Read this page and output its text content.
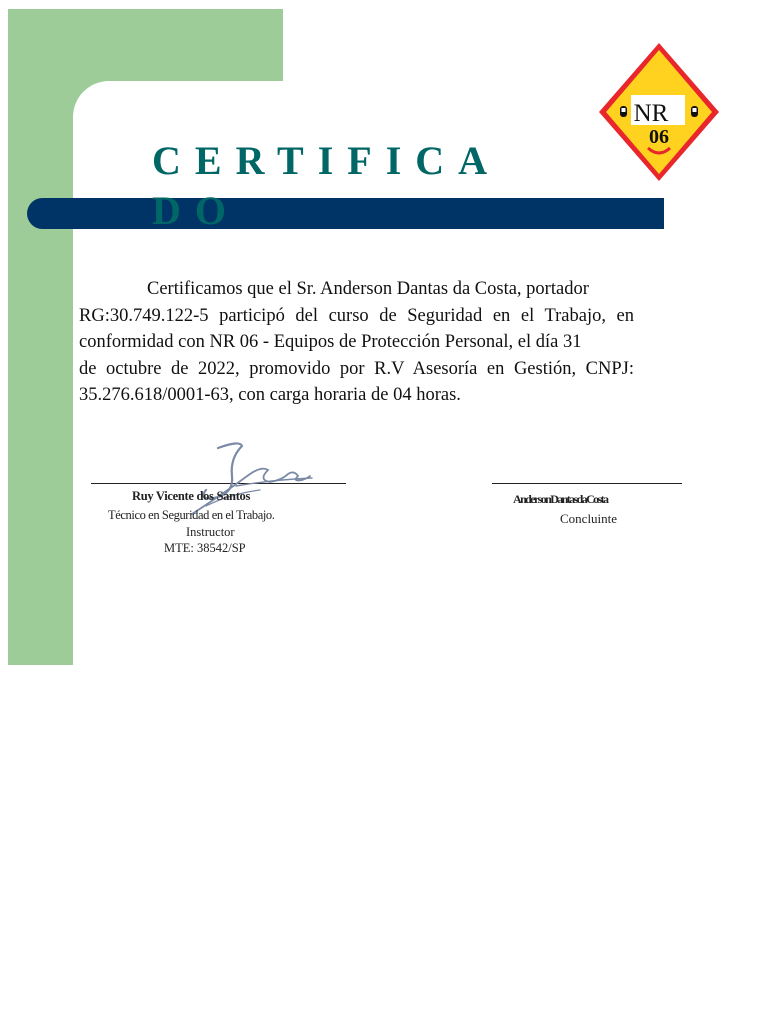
CERTIFICADO
NR
06
Certificamos que el Sr. Anderson Dantas da Costa, portador
RG:30.749.122-5 participó del curso de Seguridad en el Trabajo, en
conformidad con NR 06 - Equipos de Protección Personal, el día 31
de octubre de 2022, promovido por R.V Asesoría en Gestión, CNPJ:
35.276.618/0001-63, con carga horaria de 04 horas.

Ruy Vicente dos Santos

Técnico en Seguridad en el Trabajo.

Instructor

MTE: 38542/SP

AndersonDantasdaCosta

Concluinte
